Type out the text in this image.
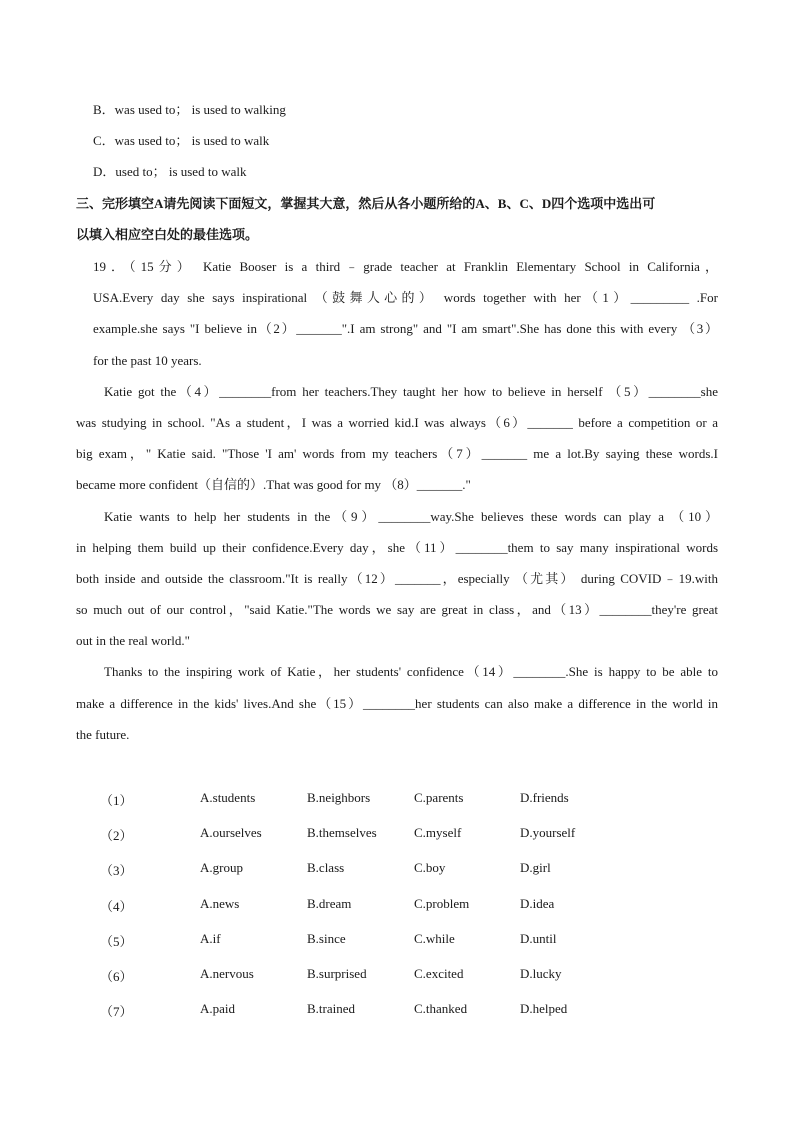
B．was used to； is used to walking
C．was used to； is used to walk
D．used to； is used to walk
三、完形填空A请先阅读下面短文，掌握其大意，然后从各小题所给的A、B、C、D四个选项中选出可
以填入相应空白处的最佳选项。
19．（15分） Katie Booser is a third﹣grade teacher at Franklin Elementary School in California，
USA.Every day she says inspirational （鼓舞人心的） words together with her（1）_________ .For
example.she says "I believe in（2）_______".I am strong" and "I am smart".She has done this with every （3）
for the past 10 years.
Katie got the（4）________from her teachers.They taught her how to believe in herself （5）________she
was studying in school. "As a student，I was a worried kid.I was always（6）_______ before a competition or a
big exam，" Katie said. "Those 'I am' words from my teachers（7）_______ me a lot.By saying these words.I
became more confident（自信的）.That was good for my （8）_______."
Katie wants to help her students in the（9）________way.She believes these words can play a （10）
in helping them build up their confidence.Every day，she（11）________them to say many inspirational words
both inside and outside the classroom."It is really（12）_______，especially （尤其） during COVID﹣19.with
so much out of our control，"said Katie."The words we say are great in class，and（13）________they're great
out in the real world."
Thanks to the inspiring work of Katie，her students' confidence（14）________.She is happy to be able to
make a difference in the kids' lives.And she（15）________her students can also make a difference in the world in
the future.
（1）	A.students	B.neighbors	C.parents	D.friends
（2）	A.ourselves	B.themselves	C.myself	D.yourself
（3）	A.group	B.class	C.boy	D.girl
（4）	A.news	B.dream	C.problem	D.idea
（5）	A.if	B.since	C.while	D.until
（6）	A.nervous	B.surprised	C.excited	D.lucky
（7）	A.paid	B.trained	C.thanked	D.helped
